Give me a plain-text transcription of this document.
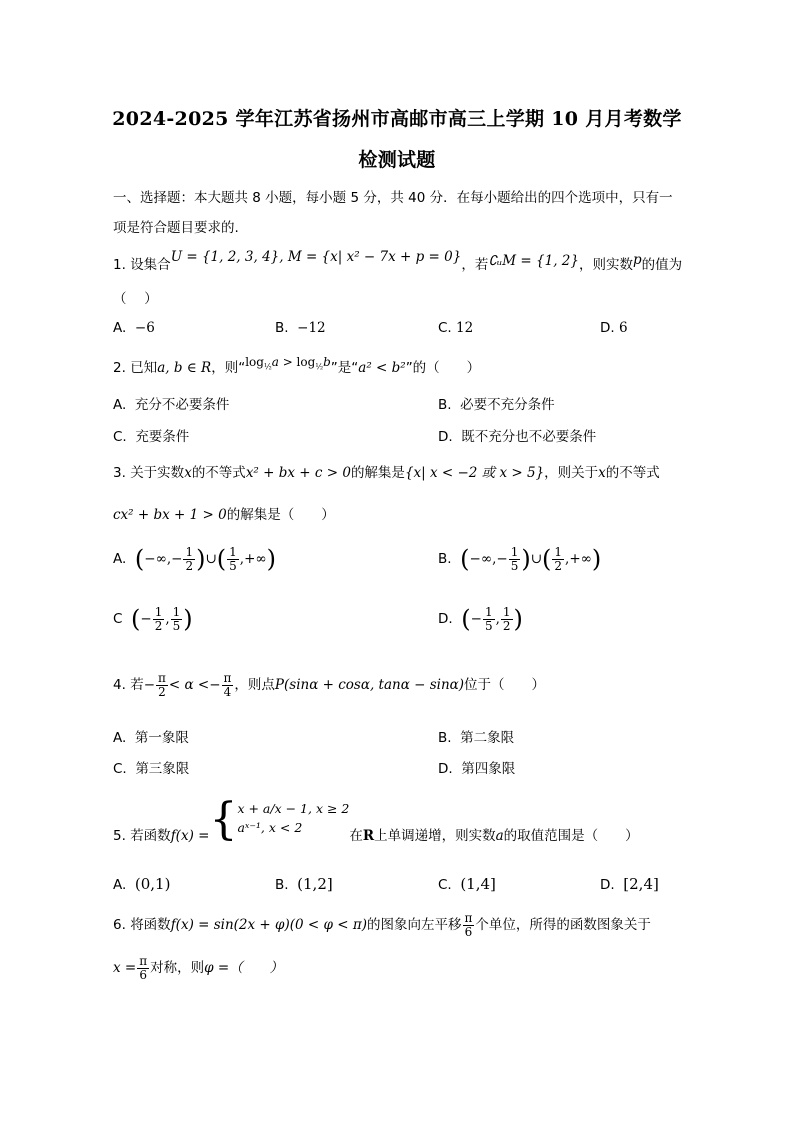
2024-2025 学年江苏省扬州市高邮市高三上学期 10 月月考数学
检测试题
一、选择题：本大题共 8 小题，每小题 5 分，共 40 分．在每小题给出的四个选项中，只有一
项是符合题目要求的.
1. 设集合U = {1, 2, 3, 4}, M = {x| x² − 7x + p = 0}，若∁ᵤM = {1, 2}，则实数p的值为
（　 ）
A. −6	B. −12	C. 12	D. 6
2. 已知a, b ∈ R，则“$\log_{\frac{1}{2}}a > \log_{\frac{1}{2}}b$”是“a² < b²”的（　　）
A. 充分不必要条件	B. 必要不充分条件
C. 充要条件	D. 既不充分也不必要条件
3. 关于实数x的不等式x² + bx + c > 0的解集是{x| x < −2 或 x > 5}，则关于x的不等式
cx² + bx + 1 > 0的解集是（　　）
A. (−∞,− $\frac{1}{2}$ )∪( $\frac{1}{5}$ ,+∞)	B. (−∞,− $\frac{1}{5}$ )∪( $\frac{1}{2}$ ,+∞)
C (− $\frac{1}{2}$ , $\frac{1}{5}$ )	D. (− $\frac{1}{5}$ , $\frac{1}{2}$ )
4. 若− $\frac{\pi}{2} < \alpha <- \frac{\pi}{4}$ ，则点P(sinα + cosα, tanα − sinα)位于（　　）
A. 第一象限	B. 第二象限
C. 第三象限	D. 第四象限
5. 若函数f(x) ={ x + a/x − 1, x ≥ 2
aˣ⁻¹, x < 2
在R上单调递增，则实数a的取值范围是（　　）
A. (0,1)	B. (1,2]	C. (1,4]	D. [2,4]
6. 将函数f(x) = sin(2x + φ)(0 < φ < π)的图象向左平移 $\frac{\pi}{6}$ 个单位，所得的函数图象关于
$x = \frac{\pi}{6}$ 对称，则φ =（　　）
